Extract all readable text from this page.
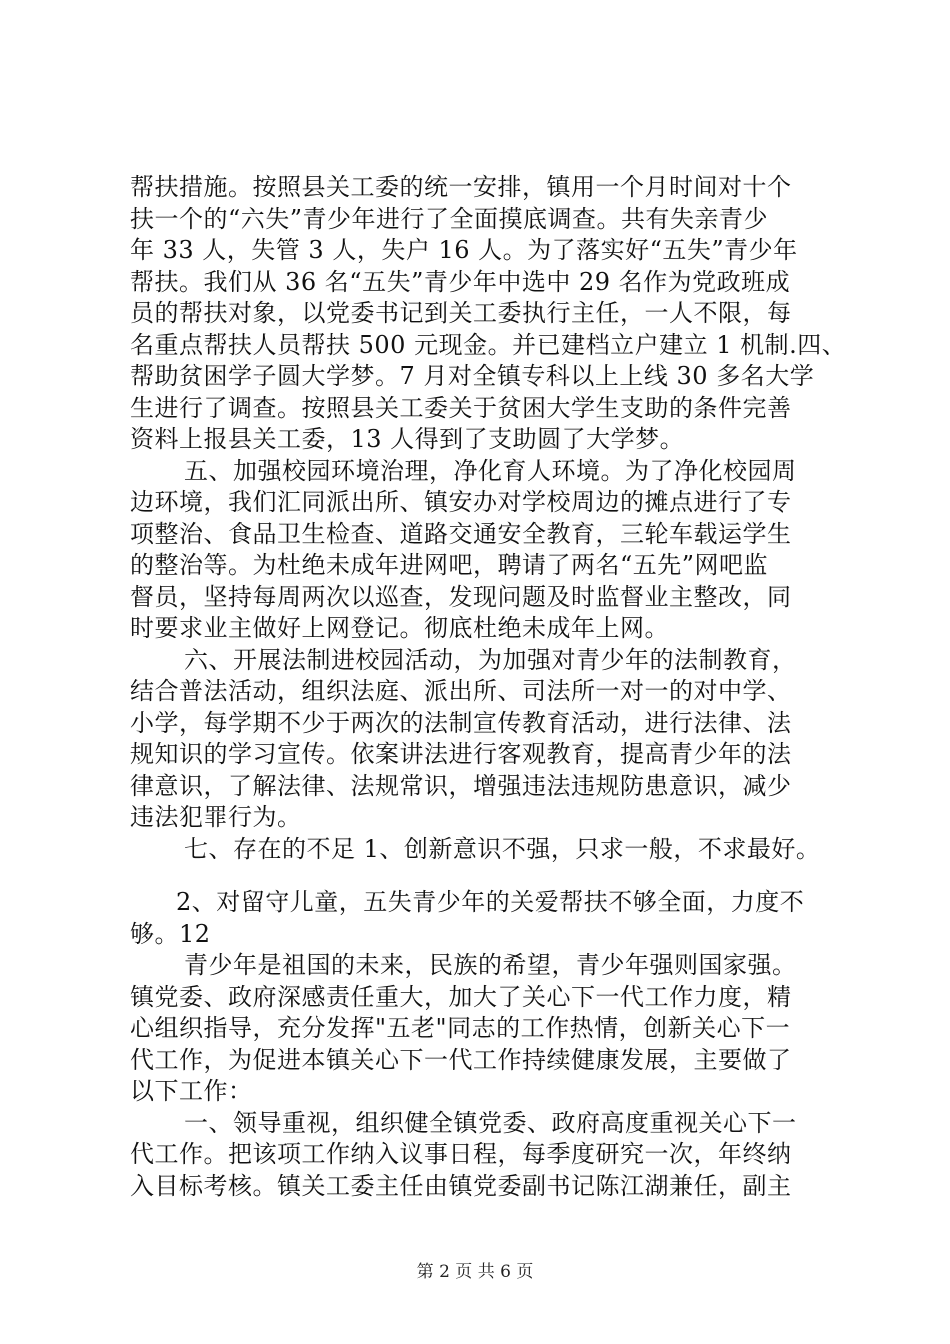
帮扶措施。按照县关工委的统一安排，镇用一个月时间对十个
扶一个的“六失”青少年进行了全面摸底调查。共有失亲青少
年 33 人，失管 3 人，失户 16 人。为了落实好“五失”青少年
帮扶。我们从 36 名“五失”青少年中选中 29 名作为党政班成
员的帮扶对象，以党委书记到关工委执行主任，一人不限，每
名重点帮扶人员帮扶 500 元现金。并已建档立户建立 1 机制.四、
帮助贫困学子圆大学梦。7 月对全镇专科以上上线 30 多名大学
生进行了调查。按照县关工委关于贫困大学生支助的条件完善
资料上报县关工委，13 人得到了支助圆了大学梦。
五、加强校园环境治理，净化育人环境。为了净化校园周
边环境，我们汇同派出所、镇安办对学校周边的摊点进行了专
项整治、食品卫生检查、道路交通安全教育，三轮车载运学生
的整治等。为杜绝未成年进网吧，聘请了两名“五先”网吧监
督员，坚持每周两次以巡查，发现问题及时监督业主整改，同
时要求业主做好上网登记。彻底杜绝未成年上网。
六、开展法制进校园活动，为加强对青少年的法制教育，
结合普法活动，组织法庭、派出所、司法所一对一的对中学、
小学，每学期不少于两次的法制宣传教育活动，进行法律、法
规知识的学习宣传。依案讲法进行客观教育，提高青少年的法
律意识，了解法律、法规常识，增强违法违规防患意识，减少
违法犯罪行为。
七、存在的不足 1、创新意识不强，只求一般，不求最好。
2、对留守儿童，五失青少年的关爱帮扶不够全面，力度不
够。12
青少年是祖国的未来，民族的希望，青少年强则国家强。
镇党委、政府深感责任重大，加大了关心下一代工作力度，精
心组织指导，充分发挥"五老"同志的工作热情，创新关心下一
代工作，为促进本镇关心下一代工作持续健康发展，主要做了
以下工作：
一、领导重视，组织健全镇党委、政府高度重视关心下一
代工作。把该项工作纳入议事日程，每季度研究一次，年终纳
入目标考核。镇关工委主任由镇党委副书记陈江湖兼任，副主
第 2 页 共 6 页
